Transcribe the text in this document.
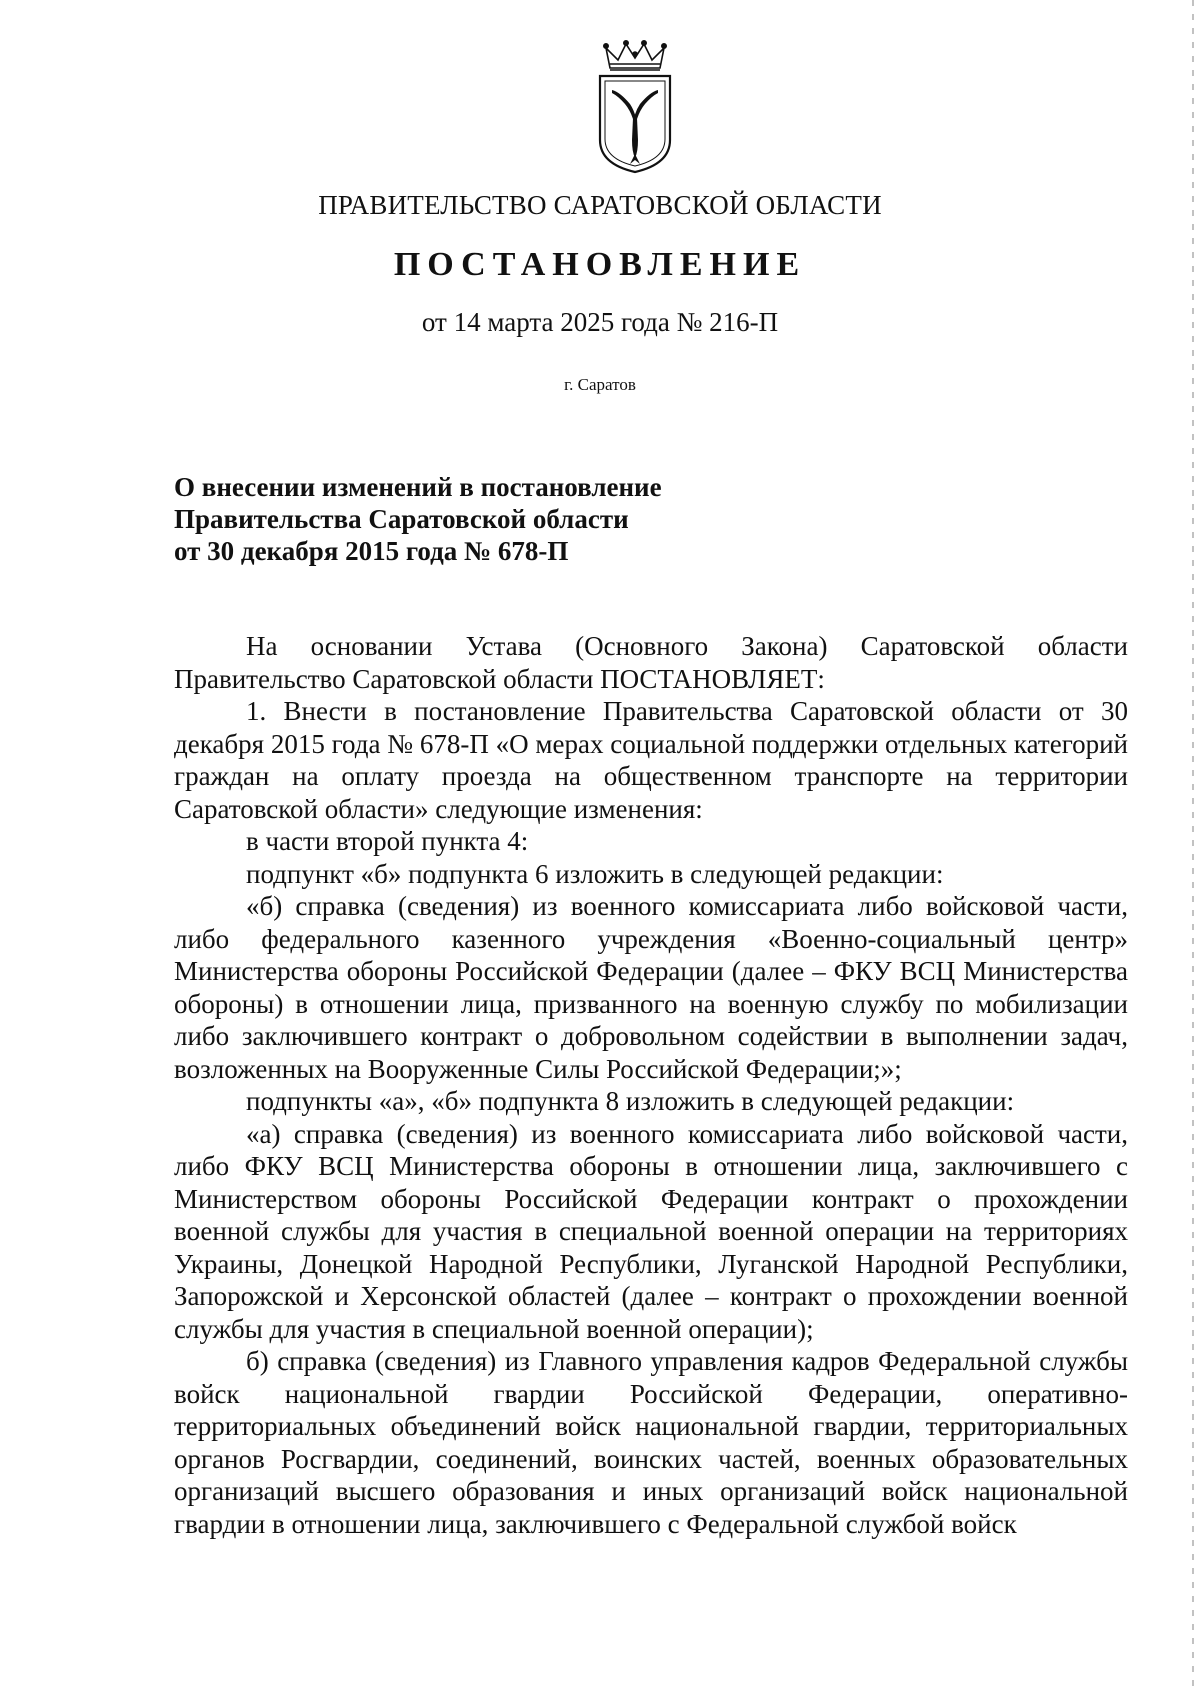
ПРАВИТЕЛЬСТВО САРАТОВСКОЙ ОБЛАСТИ
ПОСТАНОВЛЕНИЕ
от 14 марта 2025 года № 216-П
г. Саратов
О внесении изменений в постановление
Правительства Саратовской области
от 30 декабря 2015 года № 678-П

На основании Устава (Основного Закона) Саратовской области Правительство Саратовской области ПОСТАНОВЛЯЕТ:

1. Внести в постановление Правительства Саратовской области от 30 декабря 2015 года № 678-П «О мерах социальной поддержки отдельных категорий граждан на оплату проезда на общественном транспорте на территории Саратовской области» следующие изменения:

в части второй пункта 4:

подпункт «б» подпункта 6 изложить в следующей редакции:

«б) справка (сведения) из военного комиссариата либо войсковой части, либо федерального казенного учреждения «Военно-социальный центр» Министерства обороны Российской Федерации (далее – ФКУ ВСЦ Министерства обороны) в отношении лица, призванного на военную службу по мобилизации либо заключившего контракт о добровольном содействии в выполнении задач, возложенных на Вооруженные Силы Российской Федерации;»;

подпункты «а», «б» подпункта 8 изложить в следующей редакции:

«а) справка (сведения) из военного комиссариата либо войсковой части, либо ФКУ ВСЦ Министерства обороны в отношении лица, заключившего с Министерством обороны Российской Федерации контракт о прохождении военной службы для участия в специальной военной операции на территориях Украины, Донецкой Народной Республики, Луганской Народной Республики, Запорожской и Херсонской областей (далее – контракт о прохождении военной службы для участия в специальной военной операции);

б) справка (сведения) из Главного управления кадров Федеральной службы войск национальной гвардии Российской Федерации, оперативно-территориальных объединений войск национальной гвардии, территориальных органов Росгвардии, соединений, воинских частей, военных образовательных организаций высшего образования и иных организаций войск национальной гвардии в отношении лица, заключившего с Федеральной службой войск
